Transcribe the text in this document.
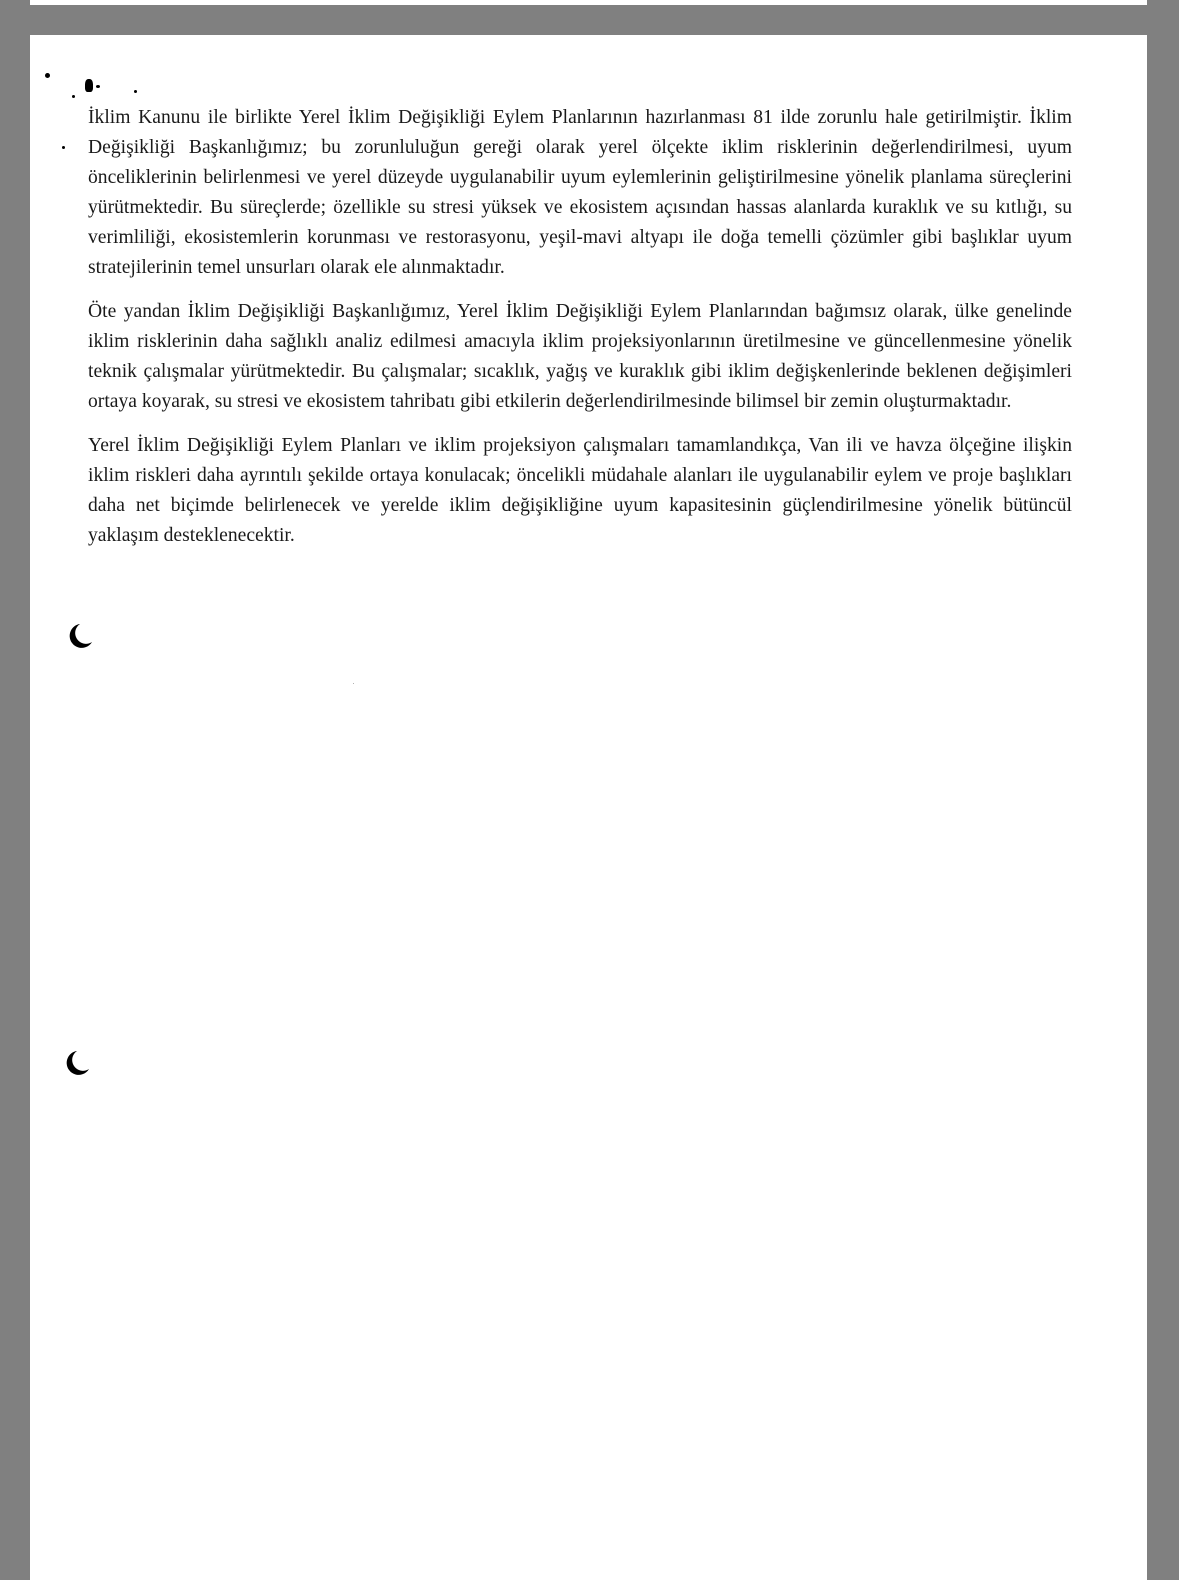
İklim Kanunu ile birlikte Yerel İklim Değişikliği Eylem Planlarının hazırlanması 81 ilde zorunlu hale getirilmiştir. İklim Değişikliği Başkanlığımız; bu zorunluluğun gereği olarak yerel ölçekte iklim risklerinin değerlendirilmesi, uyum önceliklerinin belirlenmesi ve yerel düzeyde uygulanabilir uyum eylemlerinin geliştirilmesine yönelik planlama süreçlerini yürütmektedir. Bu süreçlerde; özellikle su stresi yüksek ve ekosistem açısından hassas alanlarda kuraklık ve su kıtlığı, su verimliliği, ekosistemlerin korunması ve restorasyonu, yeşil-mavi altyapı ile doğa temelli çözümler gibi başlıklar uyum stratejilerinin temel unsurları olarak ele alınmaktadır.

Öte yandan İklim Değişikliği Başkanlığımız, Yerel İklim Değişikliği Eylem Planlarından bağımsız olarak, ülke genelinde iklim risklerinin daha sağlıklı analiz edilmesi amacıyla iklim projeksiyonlarının üretilmesine ve güncellenmesine yönelik teknik çalışmalar yürütmektedir. Bu çalışmalar; sıcaklık, yağış ve kuraklık gibi iklim değişkenlerinde beklenen değişimleri ortaya koyarak, su stresi ve ekosistem tahribatı gibi etkilerin değerlendirilmesinde bilimsel bir zemin oluşturmaktadır.

Yerel İklim Değişikliği Eylem Planları ve iklim projeksiyon çalışmaları tamamlandıkça, Van ili ve havza ölçeğine ilişkin iklim riskleri daha ayrıntılı şekilde ortaya konulacak; öncelikli müdahale alanları ile uygulanabilir eylem ve proje başlıkları daha net biçimde belirlenecek ve yerelde iklim değişikliğine uyum kapasitesinin güçlendirilmesine yönelik bütüncül yaklaşım desteklenecektir.
